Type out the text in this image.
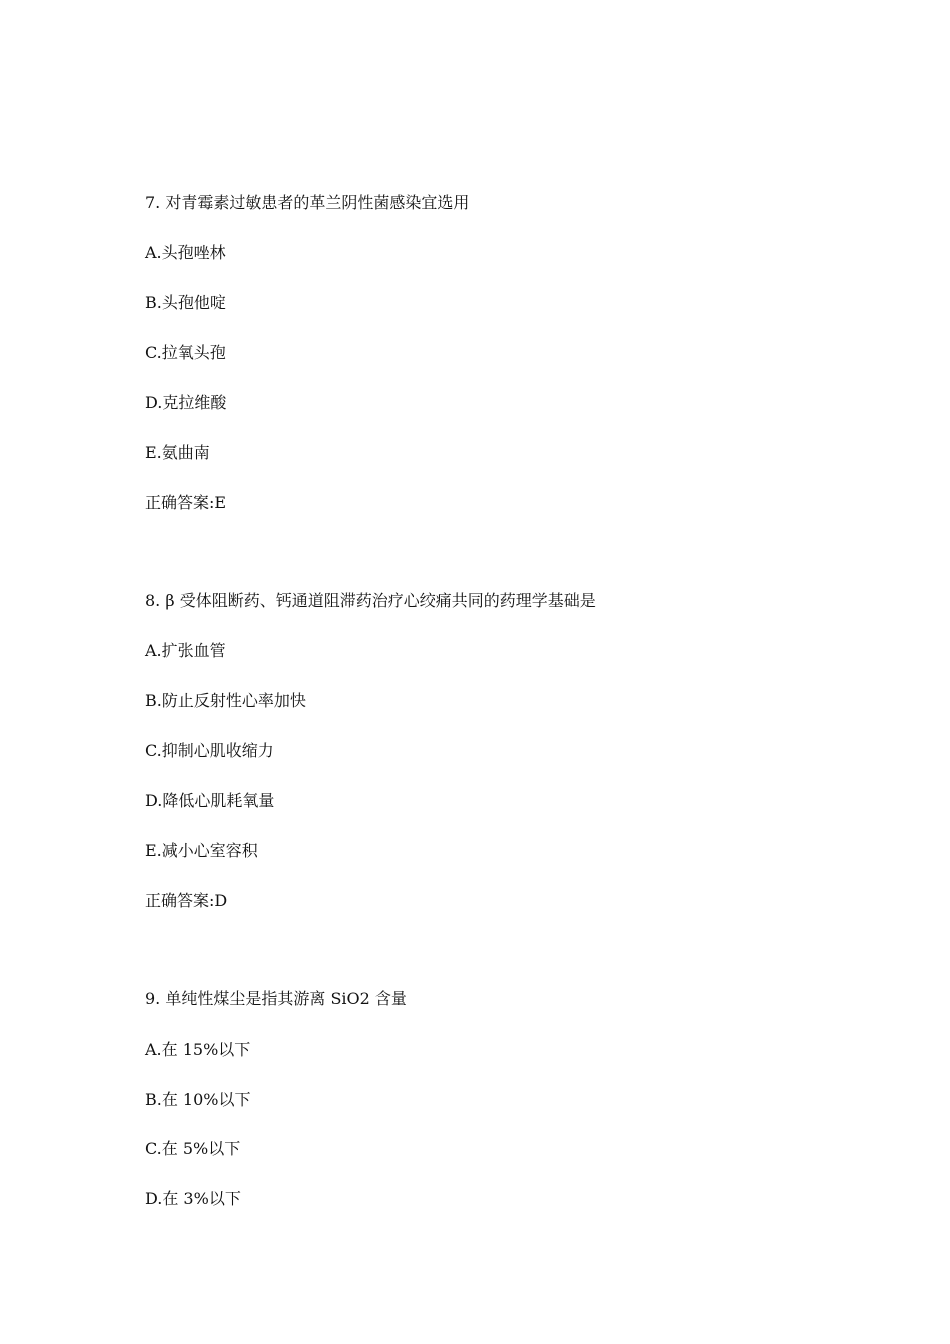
7. 对青霉素过敏患者的革兰阴性菌感染宜选用
A.头孢唑林
B.头孢他啶
C.拉氧头孢
D.克拉维酸
E.氨曲南
正确答案:E
8. β 受体阻断药、钙通道阻滞药治疗心绞痛共同的药理学基础是
A.扩张血管
B.防止反射性心率加快
C.抑制心肌收缩力
D.降低心肌耗氧量
E.减小心室容积
正确答案:D
9. 单纯性煤尘是指其游离 SiO2 含量
A.在 15%以下
B.在 10%以下
C.在 5%以下
D.在 3%以下
